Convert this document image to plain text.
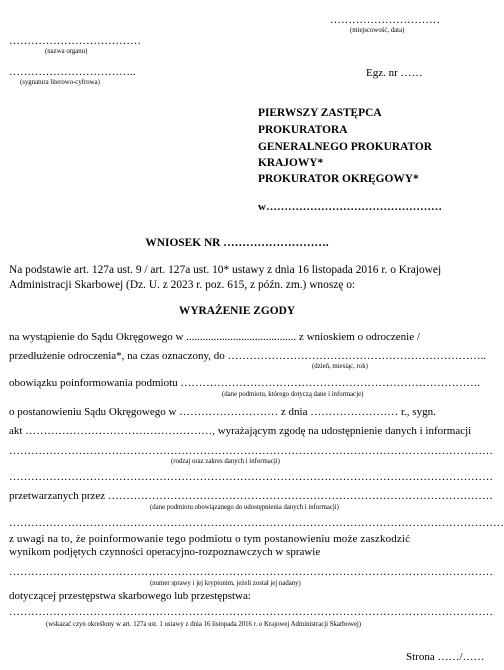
…………………………
(miejscowość, data)
………………………………
(nazwa organu)
……………………………..
(sygnatura literowo-cyfrowa)
Egz. nr ……
PIERWSZY ZASTĘPCA
PROKURATORA
GENERALNEGO PROKURATOR
KRAJOWY*
PROKURATOR OKRĘGOWY*
w…………………………………………
WNIOSEK NR ……………………….
Na podstawie art. 127a ust. 9 / art. 127a ust. 10* ustawy z dnia 16 listopada 2016 r. o Krajowej
Administracji Skarbowej (Dz. U. z 2023 r. poz. 615, z późn. zm.) wnoszę o:
WYRAŻENIE ZGODY
na wystąpienie do Sądu Okręgowego w ........................................ z wnioskiem o odroczenie /
przedłużenie odroczenia*, na czas oznaczony, do ……………………………………………………………..
(dzień, miesiąc, rok)
obowiązku poinformowania podmiotu ……………………………………………………………………….
(dane podmiotu, którego dotyczą dane i informacje)
o postanowieniu Sądu Okręgowego w ……………………… z dnia …………………… r., sygn.
akt ……………………………………………, wyrażającym zgodę na udostępnienie danych i informacji
……………………………………………………………………………………………………………………
(rodzaj oraz zakres danych i informacji)
……………………………………………………………………………………………………………………
przetwarzanych przez ……………………………………………………………………………………………
(dane podmiotu obowiązanego do udostępnienia danych i informacji)
………………………………………………………………………………………………………………………
z uwagi na to, że poinformowanie tego podmiotu o tym postanowieniu może zaszkodzić
wynikom podjętych czynności operacyjno-rozpoznawczych w sprawie
……………………………………………………………………………………………………………………
(numer sprawy i jej kryptonim, jeżeli został jej nadany)
dotyczącej przestępstwa skarbowego lub przestępstwa:
……………………………………………………………………………………………………………………
(wskazać czyn określony w art. 127a ust. 1 ustawy z dnia 16 listopada 2016 r. o Krajowej Administracji Skarbowej)
Strona ……/……
